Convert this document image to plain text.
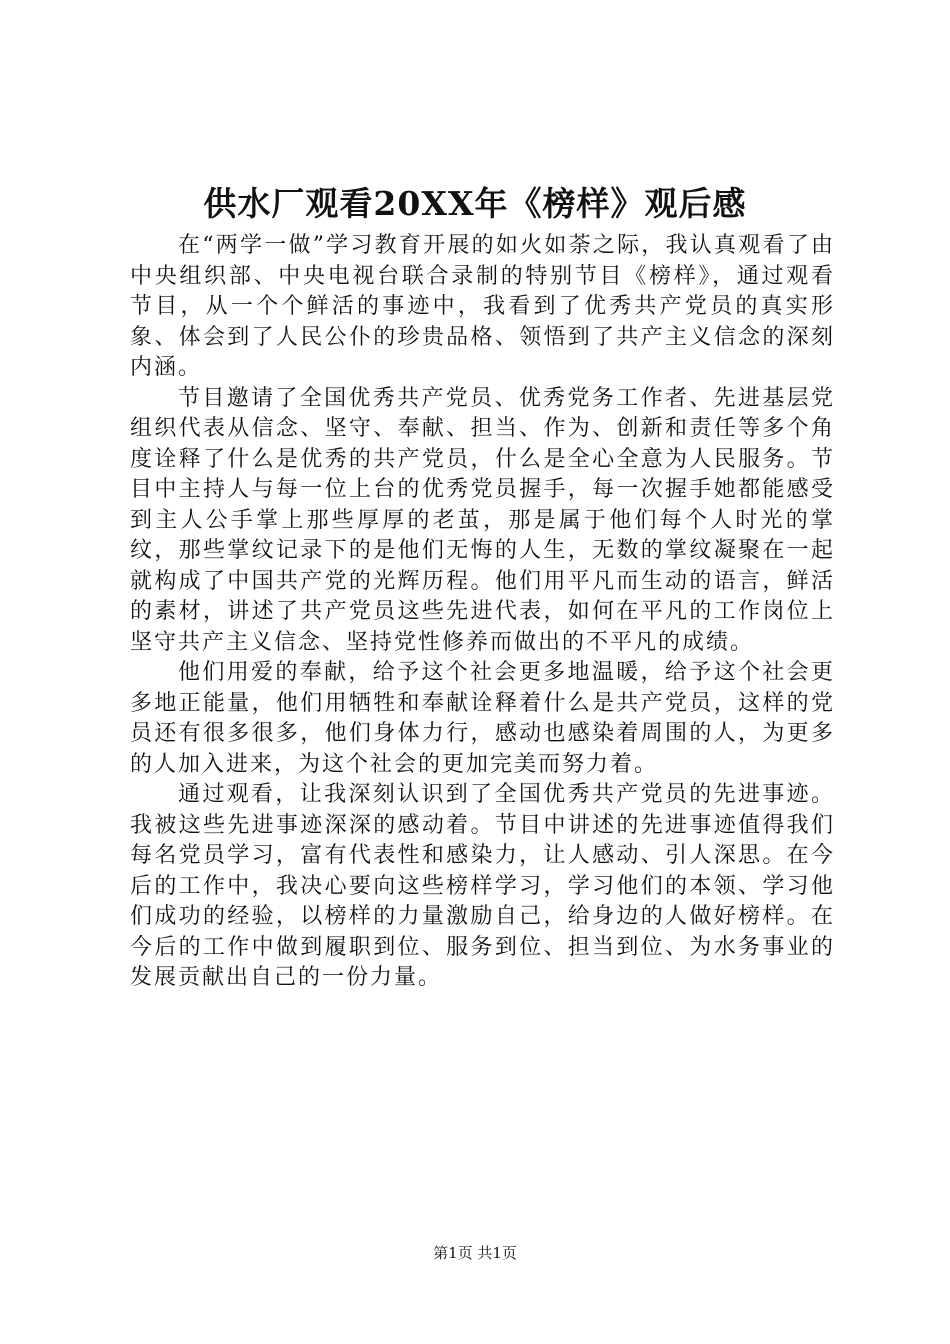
供水厂观看20XX年《榜样》观后感

在“两学一做”学习教育开展的如火如荼之际，我认真观看了由中央组织部、中央电视台联合录制的特别节目《榜样》，通过观看节目，从一个个鲜活的事迹中，我看到了优秀共产党员的真实形象、体会到了人民公仆的珍贵品格、领悟到了共产主义信念的深刻内涵。

节目邀请了全国优秀共产党员、优秀党务工作者、先进基层党组织代表从信念、坚守、奉献、担当、作为、创新和责任等多个角度诠释了什么是优秀的共产党员，什么是全心全意为人民服务。节目中主持人与每一位上台的优秀党员握手，每一次握手她都能感受到主人公手掌上那些厚厚的老茧，那是属于他们每个人时光的掌纹，那些掌纹记录下的是他们无悔的人生，无数的掌纹凝聚在一起就构成了中国共产党的光辉历程。他们用平凡而生动的语言，鲜活的素材，讲述了共产党员这些先进代表，如何在平凡的工作岗位上坚守共产主义信念、坚持党性修养而做出的不平凡的成绩。

他们用爱的奉献，给予这个社会更多地温暖，给予这个社会更多地正能量，他们用牺牲和奉献诠释着什么是共产党员，这样的党员还有很多很多，他们身体力行，感动也感染着周围的人，为更多的人加入进来，为这个社会的更加完美而努力着。

通过观看，让我深刻认识到了全国优秀共产党员的先进事迹。我被这些先进事迹深深的感动着。节目中讲述的先进事迹值得我们每名党员学习，富有代表性和感染力，让人感动、引人深思。在今后的工作中，我决心要向这些榜样学习，学习他们的本领、学习他们成功的经验，以榜样的力量激励自己，给身边的人做好榜样。在今后的工作中做到履职到位、服务到位、担当到位、为水务事业的发展贡献出自己的一份力量。

第1页 共1页
